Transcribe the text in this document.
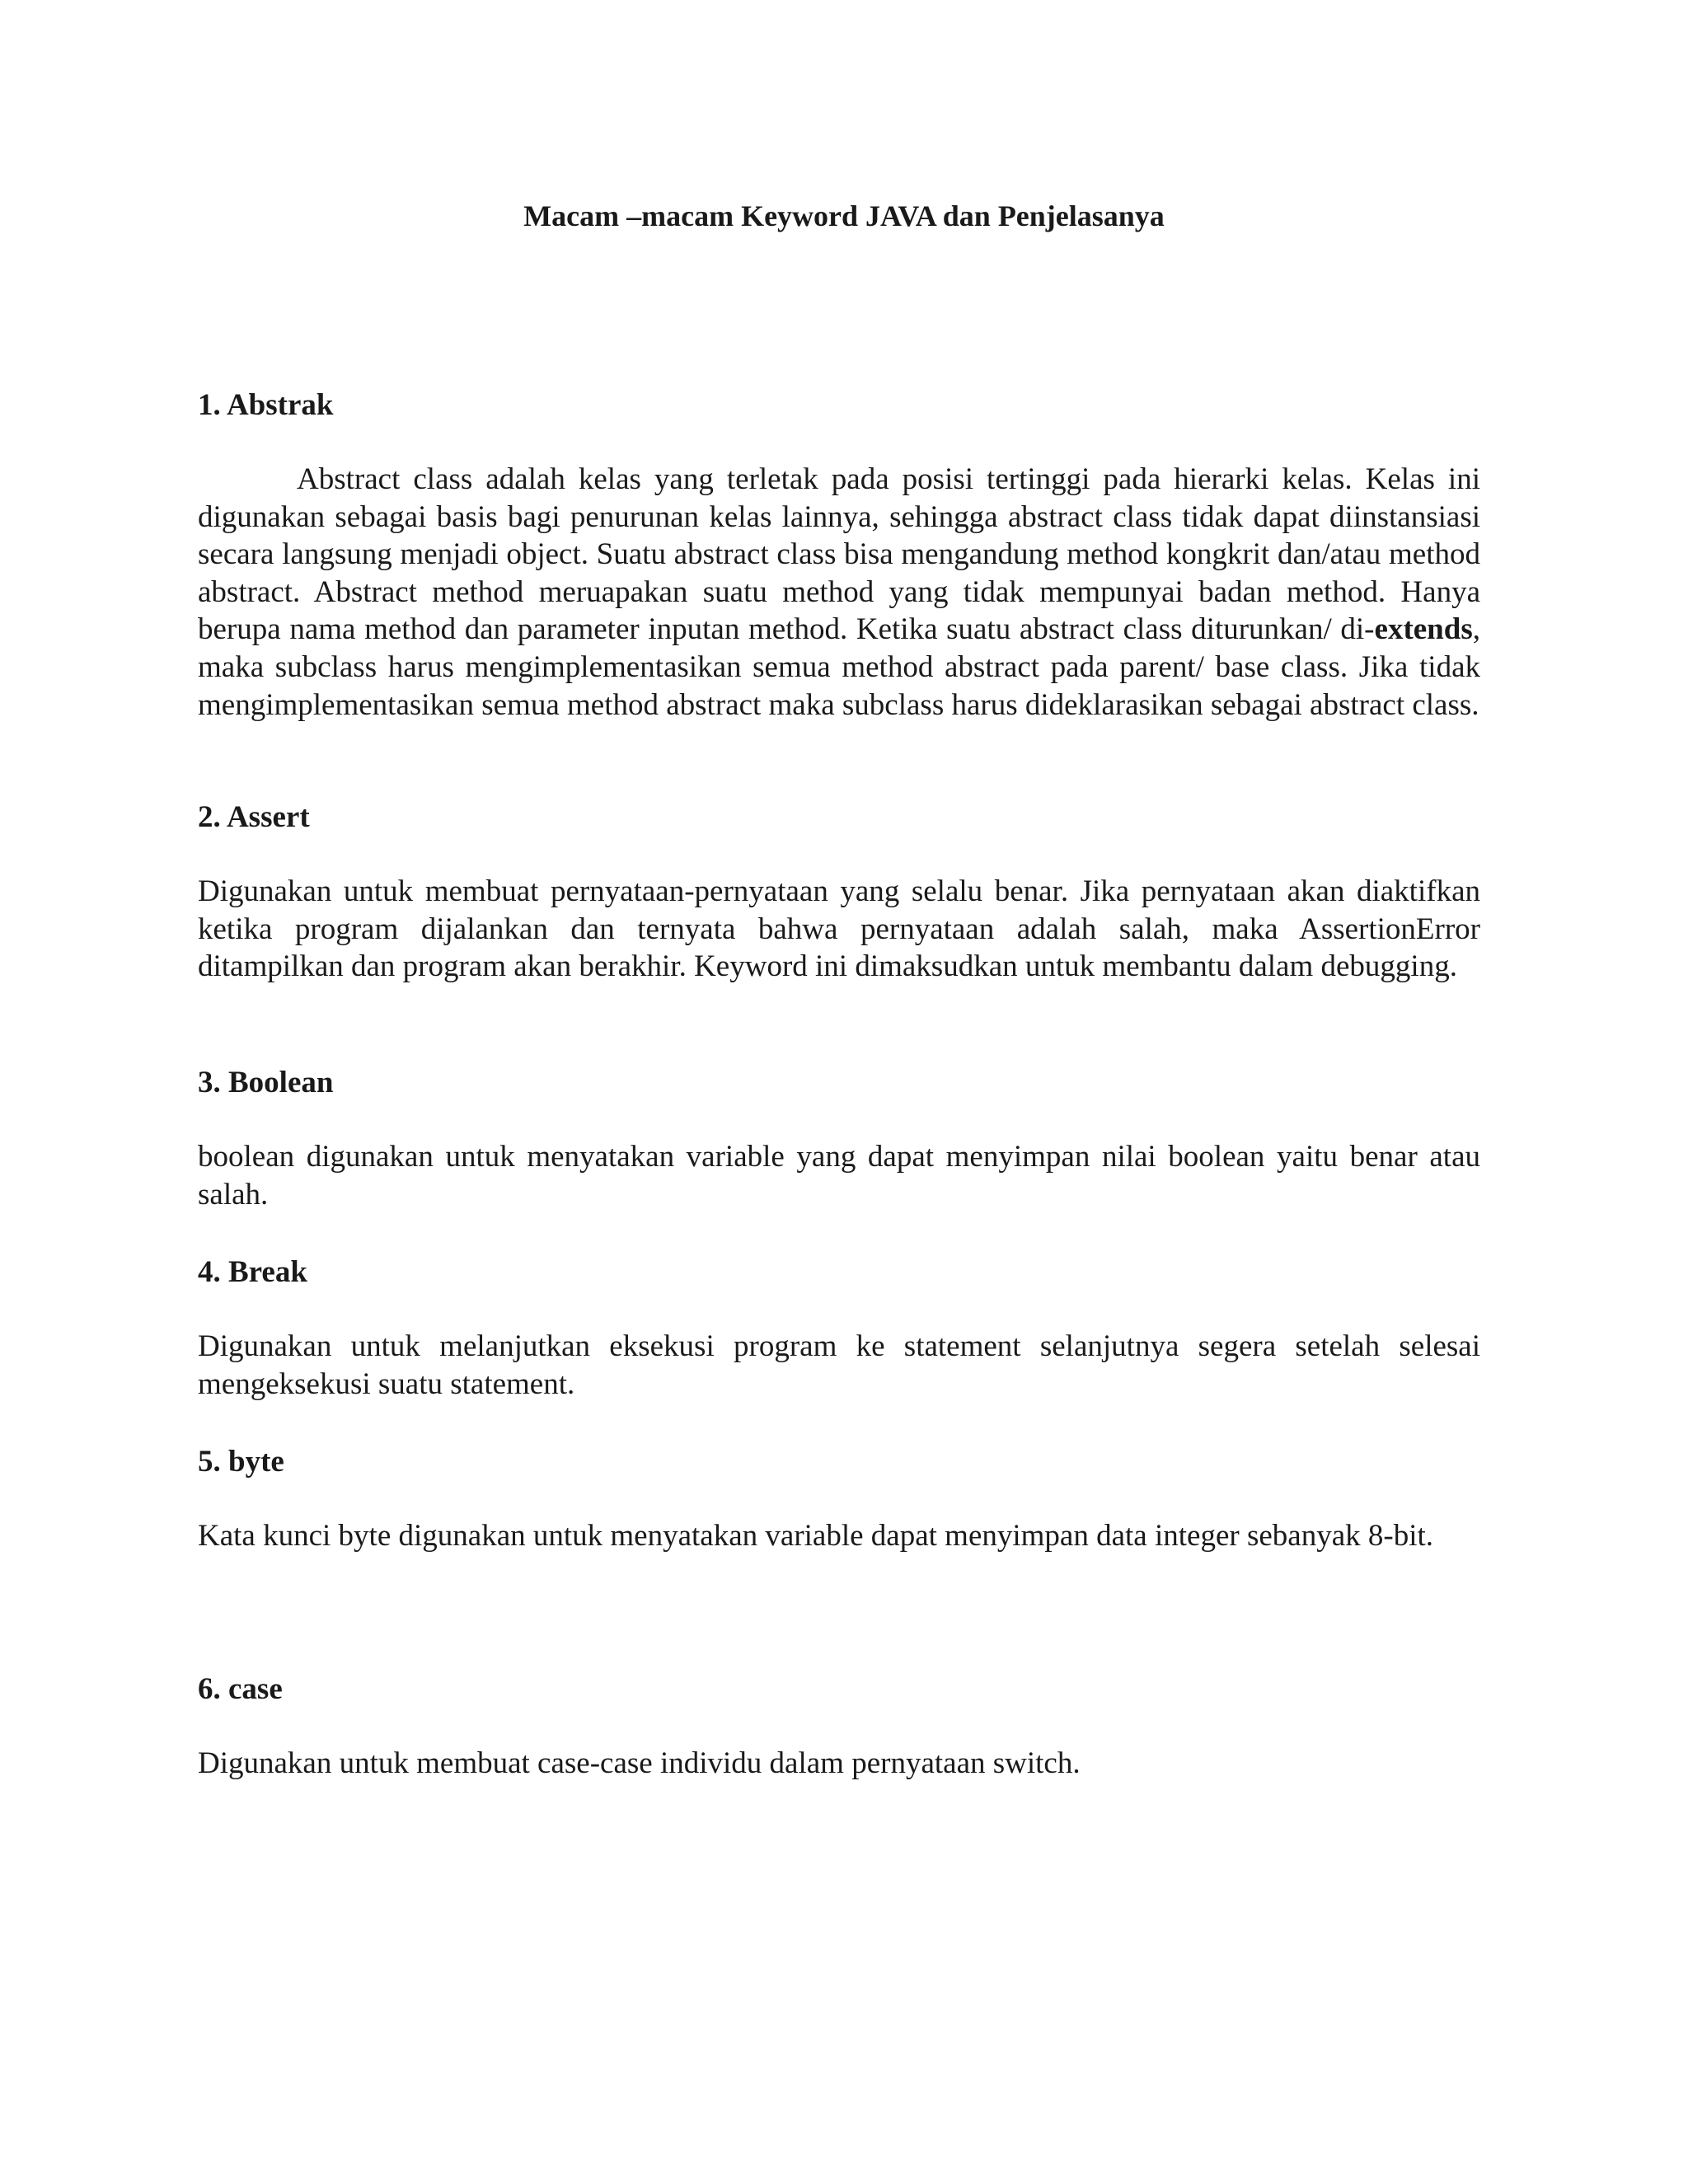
Macam –macam Keyword JAVA dan Penjelasanya
1. Abstrak

Abstract class adalah kelas yang terletak pada posisi tertinggi pada hierarki kelas. Kelas ini digunakan sebagai basis bagi penurunan kelas lainnya, sehingga abstract class tidak dapat diinstansiasi secara langsung menjadi object. Suatu abstract class bisa mengandung method kongkrit dan/atau method abstract. Abstract method meruapakan suatu method yang tidak mempunyai badan method. Hanya berupa nama method dan parameter inputan method. Ketika suatu abstract class diturunkan/ di-extends, maka subclass harus mengimplementasikan semua method abstract pada parent/ base class. Jika tidak mengimplementasikan semua method abstract maka subclass harus dideklarasikan sebagai abstract class.

2. Assert

Digunakan untuk membuat pernyataan-pernyataan yang selalu benar. Jika pernyataan akan diaktifkan ketika program dijalankan dan ternyata bahwa pernyataan adalah salah, maka AssertionError ditampilkan dan program akan berakhir. Keyword ini dimaksudkan untuk membantu dalam debugging.

3. Boolean

boolean digunakan untuk menyatakan variable yang dapat menyimpan nilai boolean yaitu benar atau salah.

4. Break

Digunakan untuk melanjutkan eksekusi program ke statement selanjutnya segera setelah selesai mengeksekusi suatu statement.

5. byte

Kata kunci byte digunakan untuk menyatakan variable dapat menyimpan data integer sebanyak 8-bit.

6. case

Digunakan untuk membuat case-case individu dalam pernyataan switch.
